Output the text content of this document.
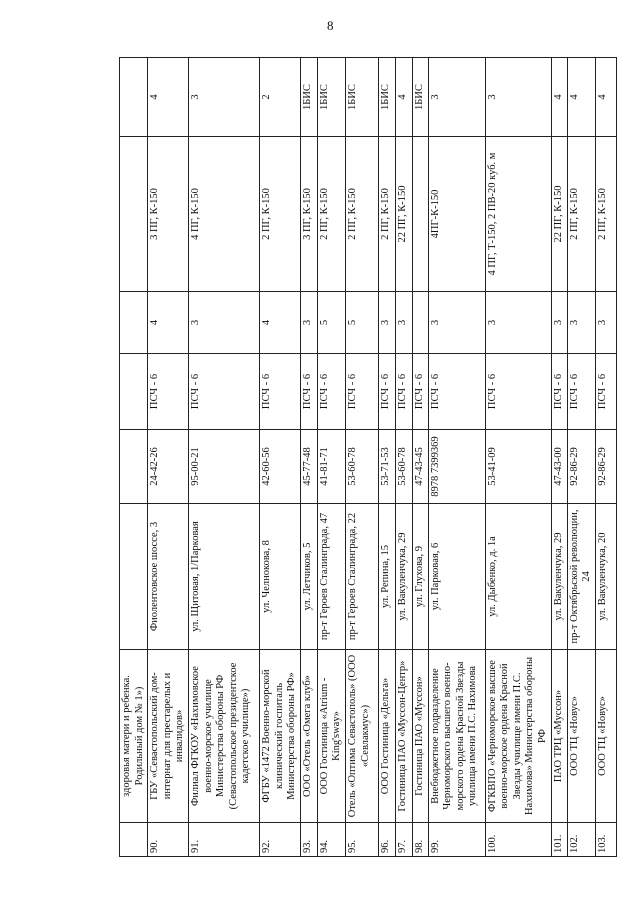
8
	здоровья матери и ребенка. Родильный дом № 1»)						
90.	ГБУ «Севастопольский дом-интернат для престарелых и инвалидов»	Фиолентовское шоссе, 3	24-42-26	ПСЧ - 6	4	3 ПГ, К-150	4
91.	Филиал ФГКОУ «Нахимовское военно-морское училище Министерства обороны РФ (Севастопольское президентское кадетское училище»)	ул. Щитовая, 1/Парковая	95-00-21	ПСЧ - 6	3	4 ПГ, К-150	3
92.	ФГБУ «1472 Военно-морской клинический госпиталь Министерства обороны РФ»	ул. Челнокова, 8	42-60-56	ПСЧ - 6	4	2 ПГ, К-150	2
93.	ООО «Отель «Омега клуб»	ул. Летчиков, 5	45-77-48	ПСЧ - 6	3	3 ПГ, К-150	1БИС
94.	ООО Гостиница «Atrium - King'sway»	пр-т Героев Сталинграда, 47	41-81-71	ПСЧ - 6	5	2 ПГ, К-150	1БИС
95.	Отель «Оптима Севастополь» (ООО «Севлакмус»)	пр-т Героев Сталинграда, 22	53-60-78	ПСЧ - 6	5	2 ПГ, К-150	1БИС
96.	ООО Гостиница «Дельта»	ул. Репина, 15	53-71-53	ПСЧ - 6	3	2 ПГ, К-150	1БИС
97.	Гостиница ПАО «Муссон-Центр»	ул. Вакуленчука, 29	53-60-78	ПСЧ - 6	3	22 ПГ, К-150	4
98.	Гостиница ПАО «Муссон»	ул. Глухова, 9	47-43-45	ПСЧ - 6			1БИС
99.	Внебюджетное подразделение Черноморского высшего военно-морского ордена Красной Звезды училища имени П.С. Нахимова	ул. Парковая, 6	8978 7399369	ПСЧ - 6	3	4ПГ-К-150	3
100.	ФГКВПО «Черноморское высшее военно-морское ордена Красной Звезды училище имени П.С. Нахимова» Министерства обороны РФ	ул. Дыбенко, д. 1а	53-41-09	ПСЧ - 6	3	4 ПГ, Т-150, 2 ПВ-20 куб. м	3
101.	ПАО ТРЦ «Муссон»	ул. Вакуленчука, 29	47-43-00	ПСЧ - 6	3	22 ПГ, К-150	4
102.	ООО ТЦ «Новус»	пр-т Октябрьской революции, 24	92-86-29	ПСЧ - 6	3	2 ПГ, К-150	4
103.	ООО ТЦ «Новус»	ул. Вакуленчука, 20	92-86-29	ПСЧ - 6	3	2 ПГ, К-150	4
